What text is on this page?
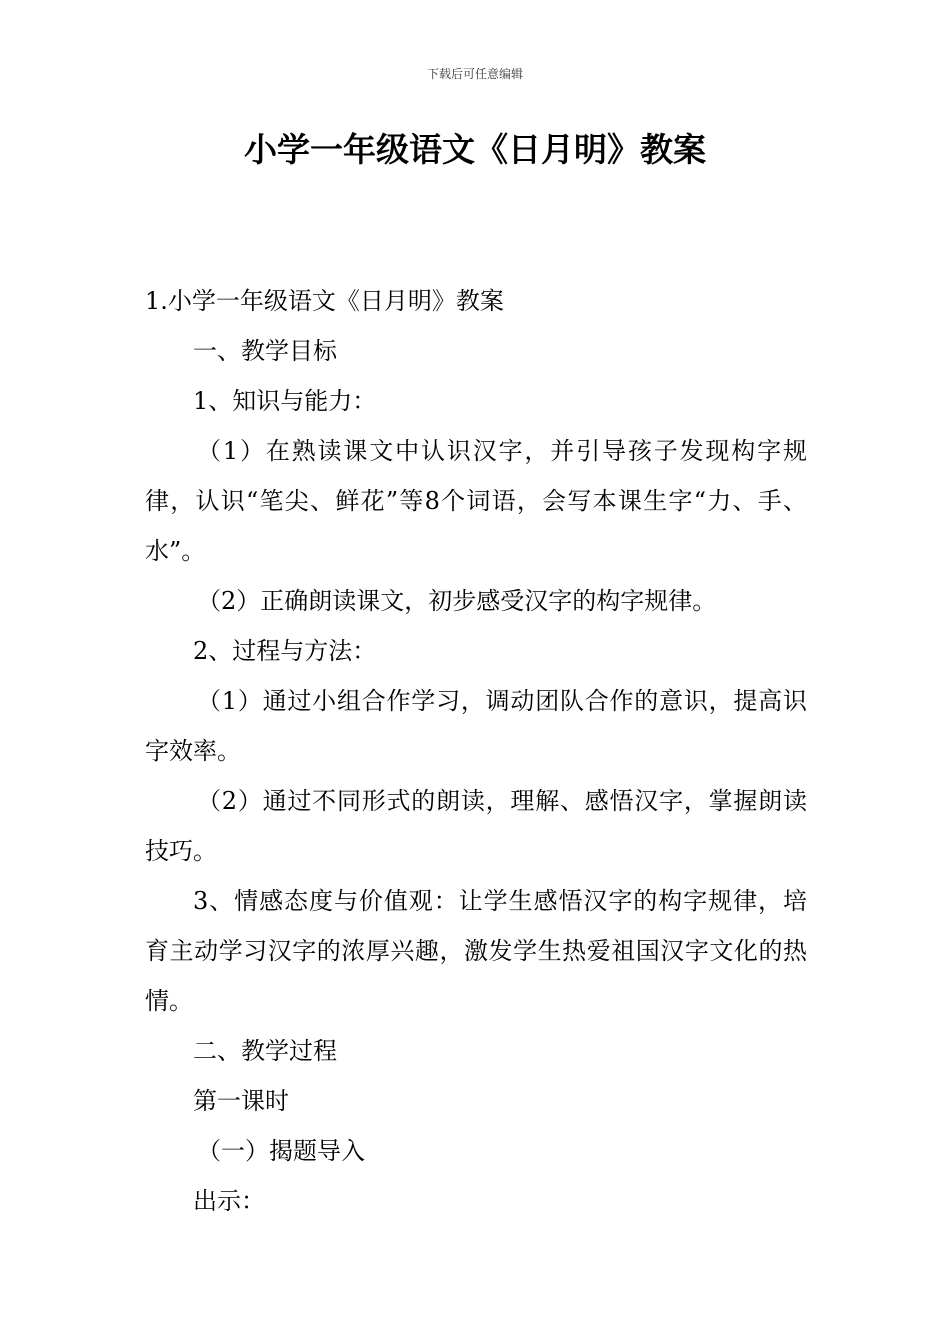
下载后可任意编辑
小学一年级语文《日月明》教案

1.小学一年级语文《日月明》教案

一、教学目标

1、知识与能力：

（1）在熟读课文中认识汉字，并引导孩子发现构字规律，认识“笔尖、鲜花”等8个词语，会写本课生字“力、手、水”。

（2）正确朗读课文，初步感受汉字的构字规律。

2、过程与方法：

（1）通过小组合作学习，调动团队合作的意识，提高识字效率。

（2）通过不同形式的朗读，理解、感悟汉字，掌握朗读技巧。

3、情感态度与价值观：让学生感悟汉字的构字规律，培育主动学习汉字的浓厚兴趣，激发学生热爱祖国汉字文化的热情。

二、教学过程

第一课时

（一）揭题导入

出示：
